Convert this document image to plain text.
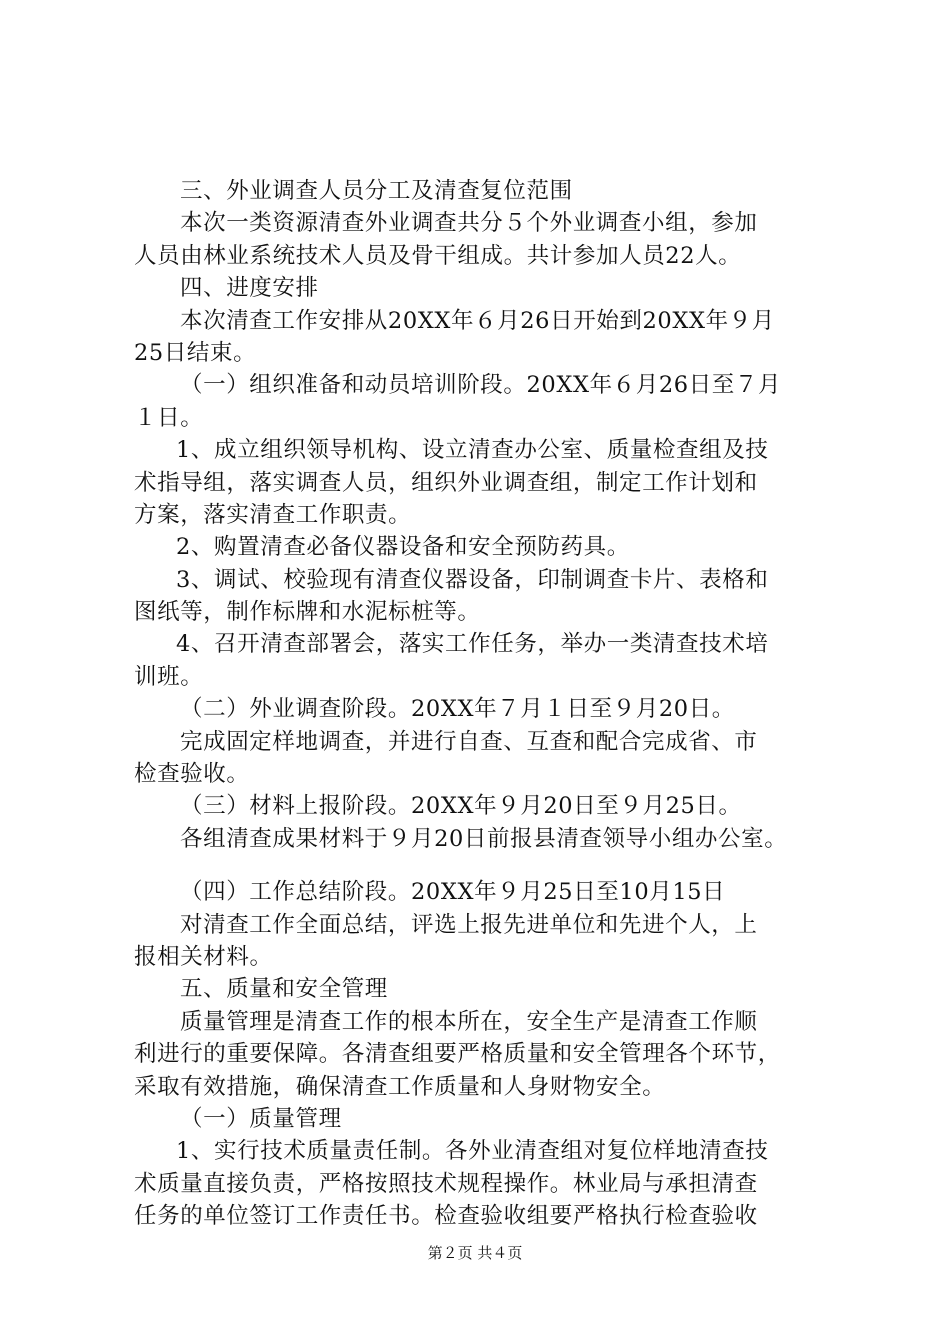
三、外业调查人员分工及清查复位范围
本次一类资源清查外业调查共分５个外业调查小组，参加
人员由林业系统技术人员及骨干组成。共计参加人员22人。
四、进度安排
本次清查工作安排从20XX年６月26日开始到20XX年９月
25日结束。
（一）组织准备和动员培训阶段。20XX年６月26日至７月
１日。
1、成立组织领导机构、设立清查办公室、质量检查组及技
术指导组，落实调查人员，组织外业调查组，制定工作计划和
方案，落实清查工作职责。
2、购置清查必备仪器设备和安全预防药具。
3、调试、校验现有清查仪器设备，印制调查卡片、表格和
图纸等，制作标牌和水泥标桩等。
4、召开清查部署会，落实工作任务，举办一类清查技术培
训班。
（二）外业调查阶段。20XX年７月１日至９月20日。
完成固定样地调查，并进行自查、互查和配合完成省、市
检查验收。
（三）材料上报阶段。20XX年９月20日至９月25日。
各组清查成果材料于９月20日前报县清查领导小组办公室。
（四）工作总结阶段。20XX年９月25日至10月15日
对清查工作全面总结，评选上报先进单位和先进个人，上
报相关材料。
五、质量和安全管理
质量管理是清查工作的根本所在，安全生产是清查工作顺
利进行的重要保障。各清查组要严格质量和安全管理各个环节，
采取有效措施，确保清查工作质量和人身财物安全。
（一）质量管理
1、实行技术质量责任制。各外业清查组对复位样地清查技
术质量直接负责，严格按照技术规程操作。林业局与承担清查
任务的单位签订工作责任书。检查验收组要严格执行检查验收
第２页 共４页
